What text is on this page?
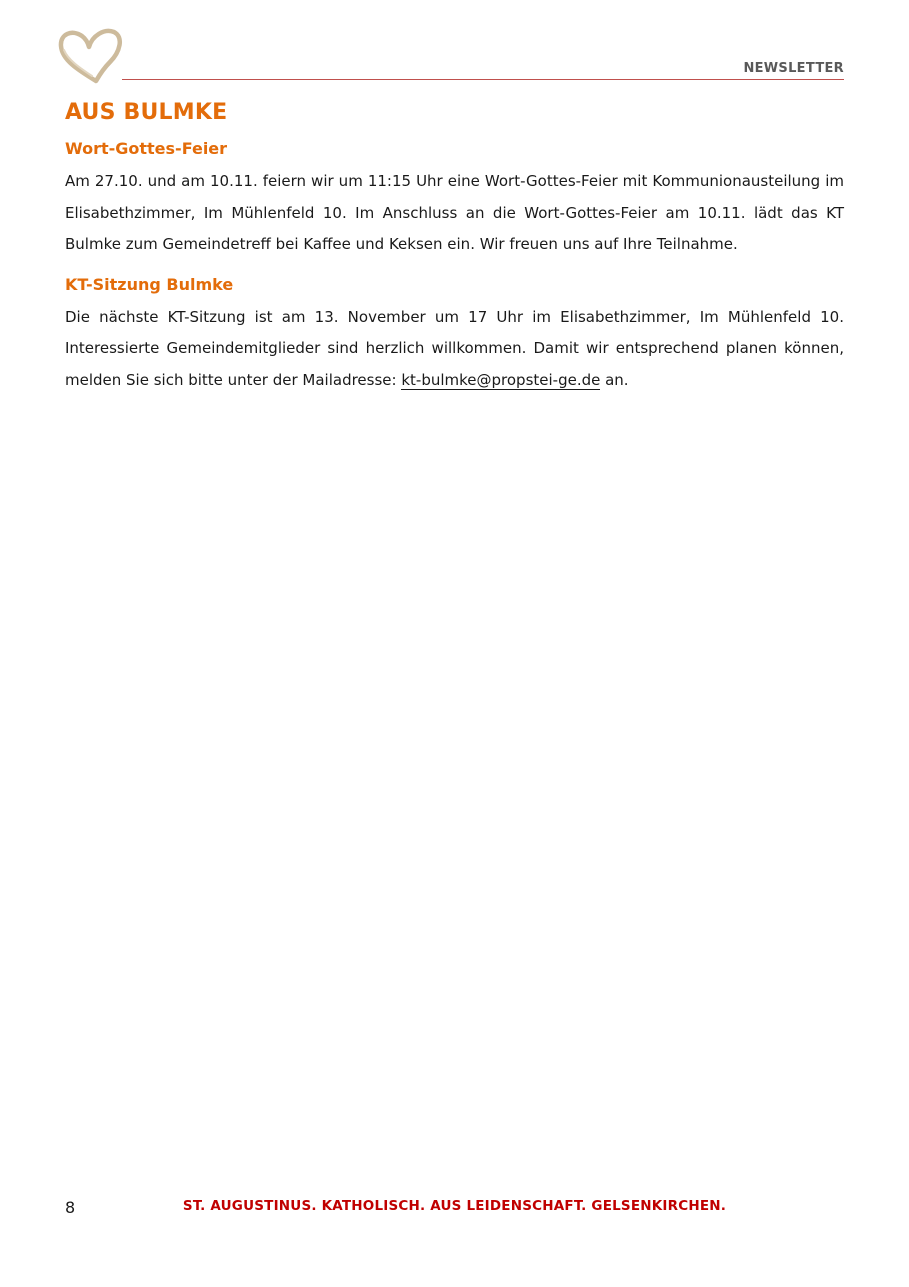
NEWSLETTER
AUS BULMKE
Wort-Gottes-Feier

Am 27.10. und am 10.11. feiern wir um 11:15 Uhr eine Wort-Gottes-Feier mit Kommunionausteilung im Elisabethzimmer, Im Mühlenfeld 10. Im Anschluss an die Wort-Gottes-Feier am 10.11. lädt das KT Bulmke zum Gemeindetreff bei Kaffee und Keksen ein. Wir freuen uns auf Ihre Teilnahme.

KT-Sitzung Bulmke

Die nächste KT-Sitzung ist am 13. November um 17 Uhr im Elisabethzimmer, Im Mühlenfeld 10. Interessierte Gemeindemitglieder sind herzlich willkommen. Damit wir entsprechend planen können, melden Sie sich bitte unter der Mailadresse: kt-bulmke@propstei-ge.de an.

8	ST. AUGUSTINUS. KATHOLISCH. AUS LEIDENSCHAFT. GELSENKIRCHEN.
